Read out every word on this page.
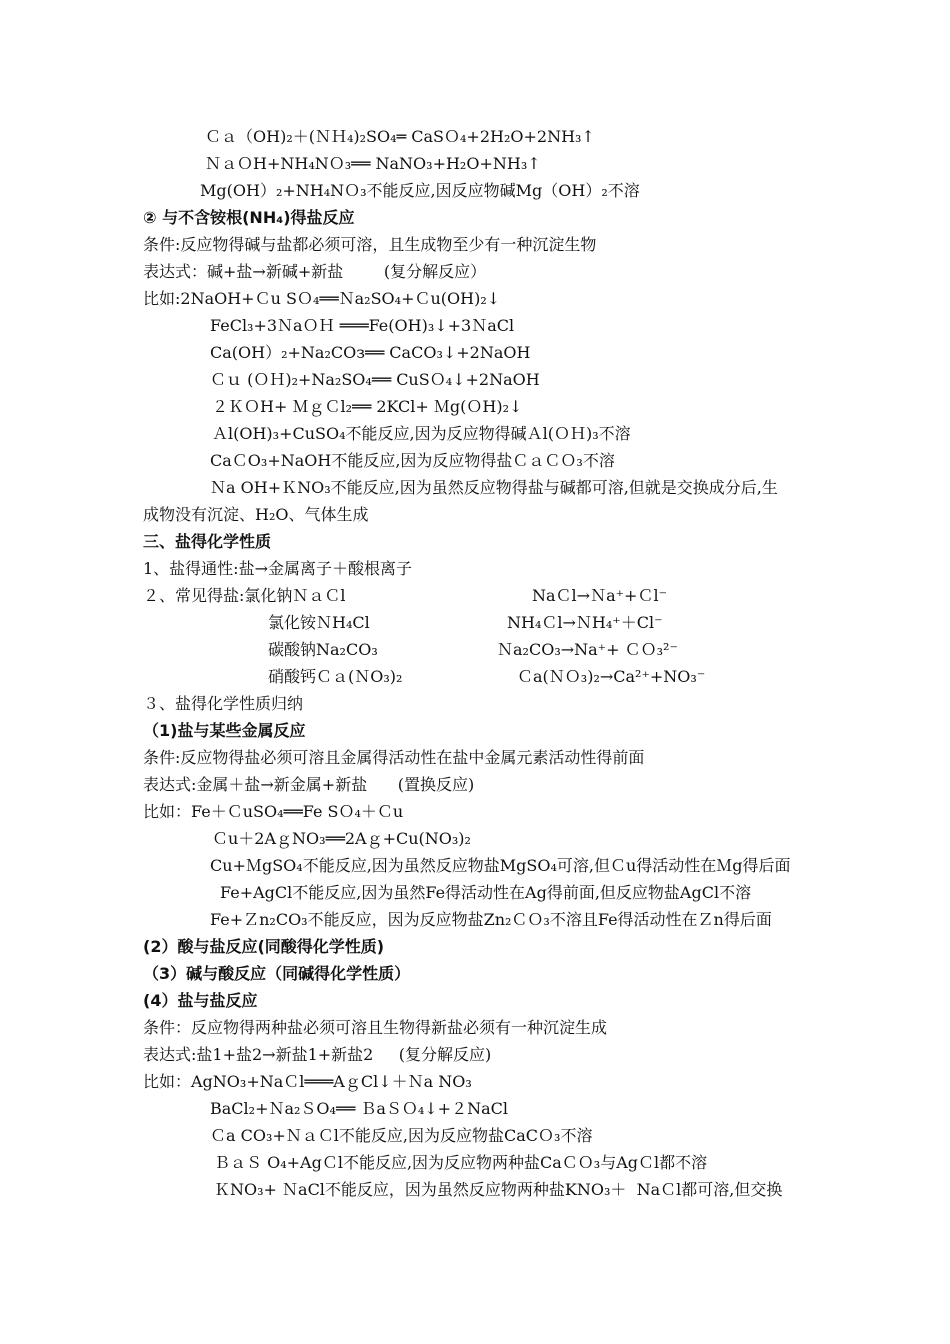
Ｃａ（OH)₂＋(ＮＨ₄)₂SO₄═ CaSＯ₄+2H₂O+2NH₃↑
ＮａＯH+NH₄NＯ₃══ NaNO₃+H₂O+NH₃↑
Mg(OH）₂+NH₄NＯ₃不能反应,因反应物碱Mg（OH）₂不溶
② 与不含铵根(NH₄)得盐反应
条件:反应物得碱与盐都必须可溶，且生成物至少有一种沉淀生物
表达式：碱+盐→新碱+新盐        (复分解反应）
比如:2NaOH+Ｃu SＯ₄══Ｎa₂SO₄+Ｃu(OH)₂↓
FeCl₃+3ＮaＯＨ ═══Fe(OH)₃↓+3ＮaCl
Ca(OH）₂+Na₂COз══ CaCO₃↓+2NaOH
Ｃｕ (ＯＨ)₂+Na₂SO₄══ CuSＯ₄↓+2NaOH
２ＫＯH+ ＭｇＣl₂══ 2KCl+ Ｍg(ＯH)₂↓
Ａl(OH)₃+CuSO₄不能反应,因为反应物得碱Ａl(ＯＨ)₃不溶
CaＣO₃+NaOH不能反应,因为反应物得盐ＣａＣＯ₃不溶
Ｎa OH+ＫNO₃不能反应,因为虽然反应物得盐与碱都可溶,但就是交换成分后,生
成物没有沉淀、H₂O、气体生成
三、盐得化学性质
1、盐得通性:盐→金属离子＋酸根离子
２、常见得盐:氯化钠ＮａＣl	NaＣl→Ｎa⁺+Ｃl⁻
氯化铵ＮH₄Cl	NH₄Ｃl→ＮH₄⁺＋Cl⁻
碳酸钠Na₂CO₃	Ｎa₂CO₃→Na⁺+ ＣＯ₃²⁻
硝酸钙Ｃａ(ＮO₃)₂	Ｃa(ＮＯ₃)₂→Ca²⁺+NO₃⁻
３、盐得化学性质归纳
（1)盐与某些金属反应
条件:反应物得盐必须可溶且金属得活动性在盐中金属元素活动性得前面
表达式:金属＋盐→新金属+新盐      (置换反应)
比如：Fe＋ＣuSO₄══Fe SＯ₄＋Ｃu
Ｃu＋2AｇNO₃══2Aｇ+Cu(NO₃)₂
Cu+ＭgSO₄不能反应,因为虽然反应物盐MgSO₄可溶,但Ｃu得活动性在Ｍg得后面
Fe+AgCl不能反应,因为虽然Fe得活动性在Ag得前面,但反应物盐AgCl不溶
Fe+Ｚn₂CO₃不能反应，因为反应物盐Zn₂ＣＯ₃不溶且Fe得活动性在Ｚn得后面
(2）酸与盐反应(同酸得化学性质)
（3）碱与酸反应（同碱得化学性质）
(4）盐与盐反应
条件：反应物得两种盐必须可溶且生物得新盐必须有一种沉淀生成
表达式:盐1+盐2→新盐1+新盐2     (复分解反应)
比如：AgNO₃+NaＣl═══AｇCl↓＋Ｎa NO₃
BaCl₂+Ｎa₂ＳO₄══ ＢaＳＯ₄↓+２NaCl
Ｃa CO₃+ＮａＣl不能反应,因为反应物盐CaCＯ₃不溶
ＢａＳ O₄+AgＣl不能反应,因为反应物两种盐CaＣＯ₃与AgＣl都不溶
ＫNO₃+ ＮaCl不能反应，因为虽然反应物两种盐KNO₃＋  NaＣl都可溶,但交换
